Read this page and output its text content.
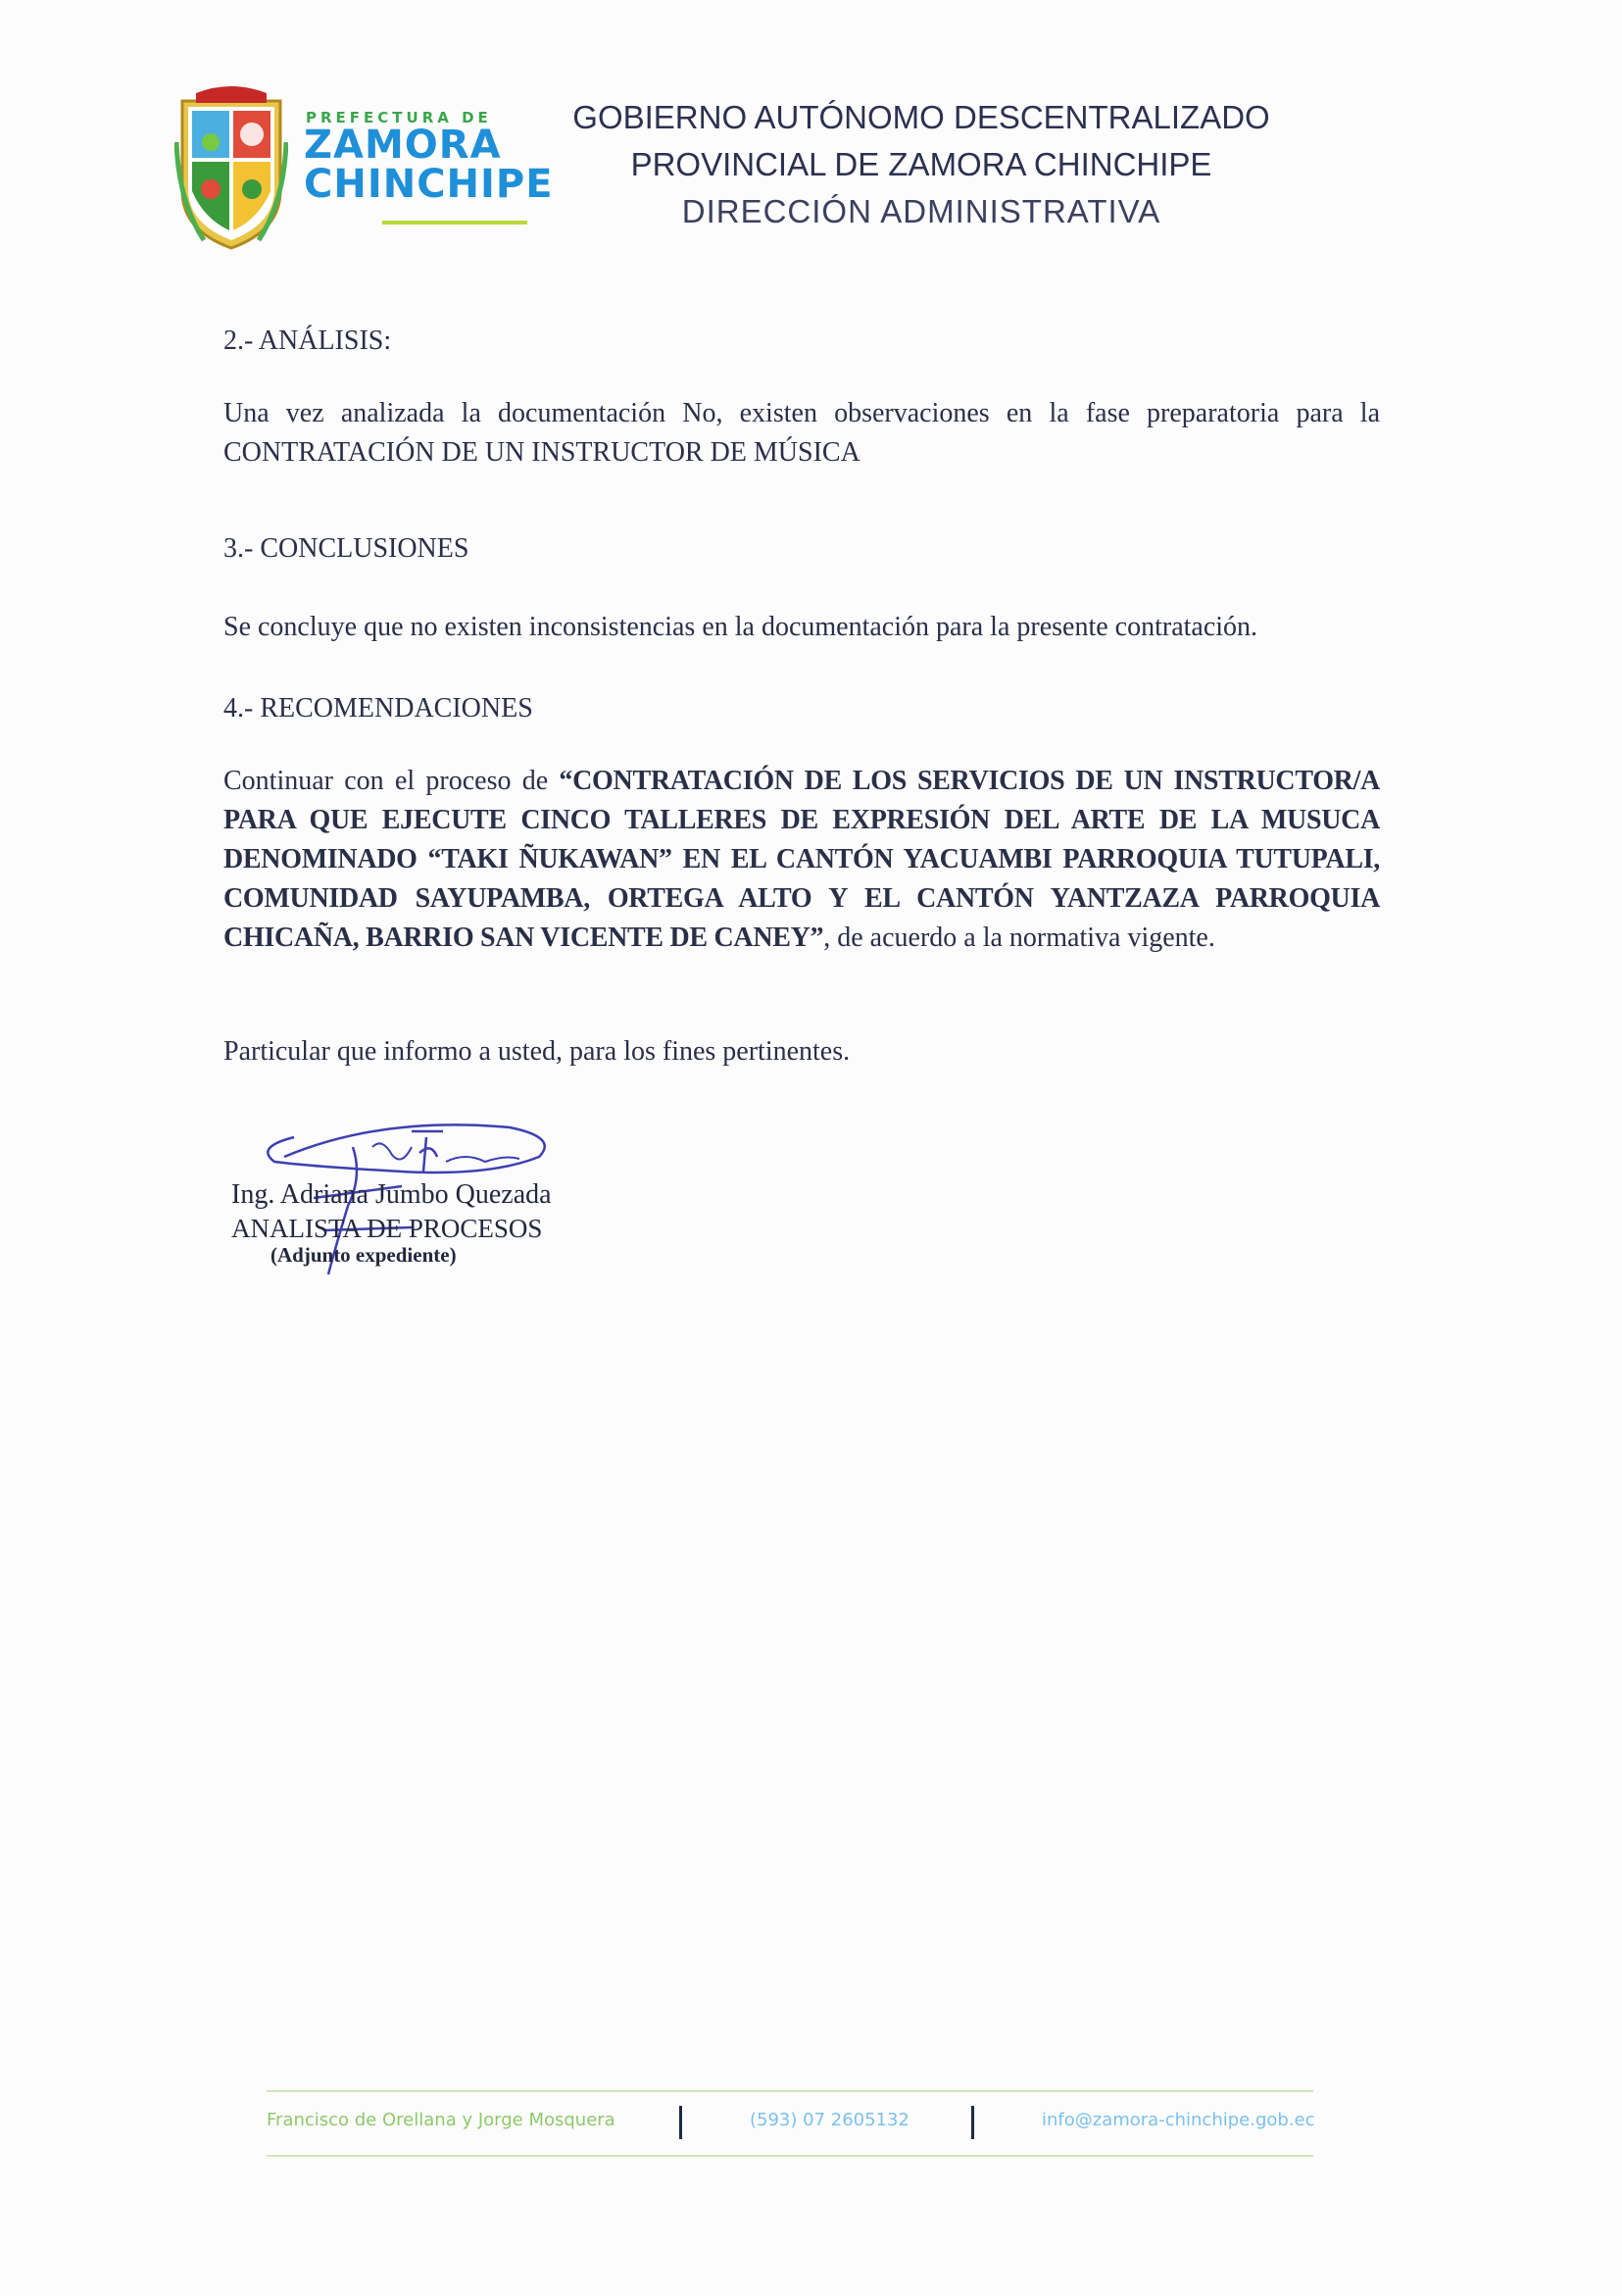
PREFECTURA DE
ZAMORA
CHINCHIPE
GOBIERNO AUTÓNOMO DESCENTRALIZADO
PROVINCIAL DE ZAMORA CHINCHIPE
DIRECCIÓN ADMINISTRATIVA
2.- ANÁLISIS:
Una vez analizada la documentación No, existen observaciones en la fase preparatoria para la CONTRATACIÓN DE UN INSTRUCTOR DE MÚSICA
3.- CONCLUSIONES
Se concluye que no existen inconsistencias en la documentación para la presente contratación.
4.- RECOMENDACIONES
Continuar con el proceso de “CONTRATACIÓN DE LOS SERVICIOS DE UN INSTRUCTOR/A PARA QUE EJECUTE CINCO TALLERES DE EXPRESIÓN DEL ARTE DE LA MUSUCA DENOMINADO “TAKI ÑUKAWAN” EN EL CANTÓN YACUAMBI PARROQUIA TUTUPALI, COMUNIDAD SAYUPAMBA, ORTEGA ALTO Y EL CANTÓN YANTZAZA PARROQUIA CHICAÑA, BARRIO SAN VICENTE DE CANEY”, de acuerdo a la normativa vigente.
Particular que informo a usted, para los fines pertinentes.
Ing. Adriana Jumbo Quezada
ANALISTA DE PROCESOS
(Adjunto expediente)
Francisco de Orellana y Jorge Mosquera	(593) 07 2605132	info@zamora-chinchipe.gob.ec
